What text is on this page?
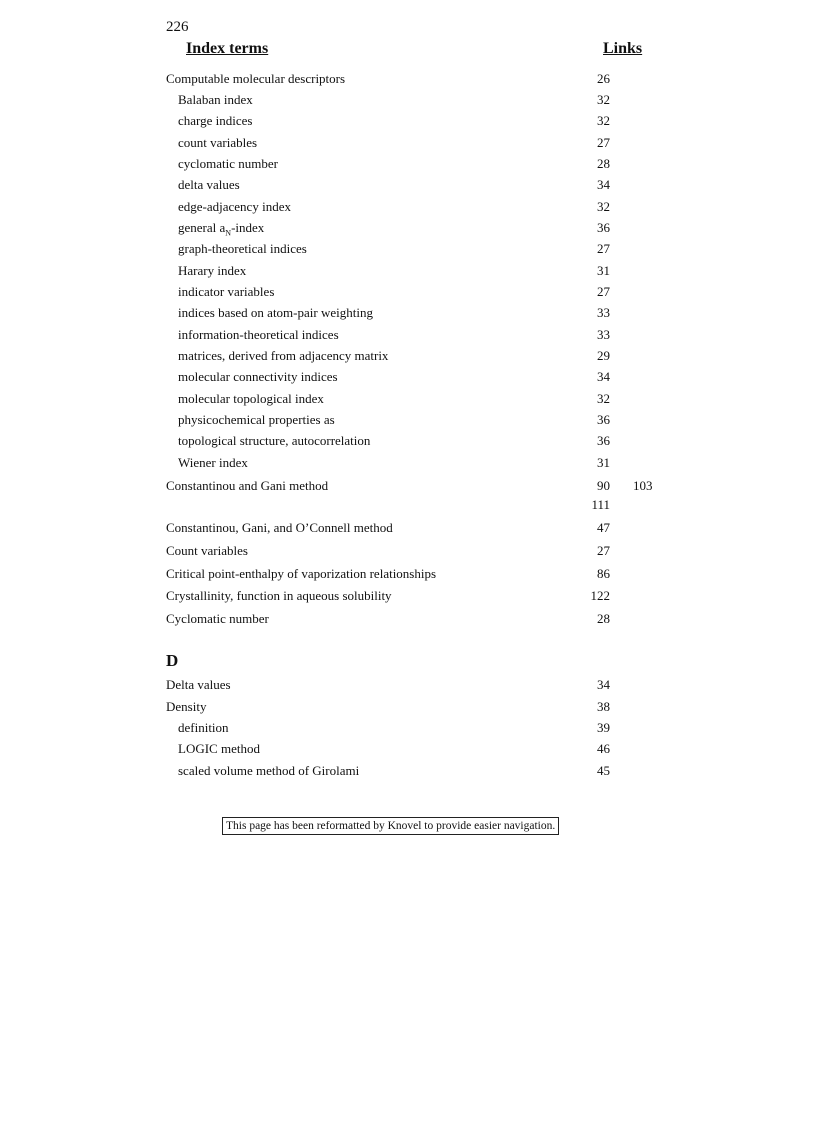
226
Index terms	Links
Computable molecular descriptors	26
Balaban index	32
charge indices	32
count variables	27
cyclomatic number	28
delta values	34
edge-adjacency index	32
general $a_N$-index	36
graph-theoretical indices	27
Harary index	31
indicator variables	27
indices based on atom-pair weighting	33
information-theoretical indices	33
matrices, derived from adjacency matrix	29
molecular connectivity indices	34
molecular topological index	32
physicochemical properties as	36
topological structure, autocorrelation	36
Wiener index	31
Constantinou and Gani method	90 103
111
Constantinou, Gani, and O’Connell method	47
Count variables	27
Critical point-enthalpy of vaporization relationships	86
Crystallinity, function in aqueous solubility	122
Cyclomatic number	28
D
Delta values	34
Density	38
definition	39
LOGIC method	46
scaled volume method of Girolami	45
This page has been reformatted by Knovel to provide easier navigation.
